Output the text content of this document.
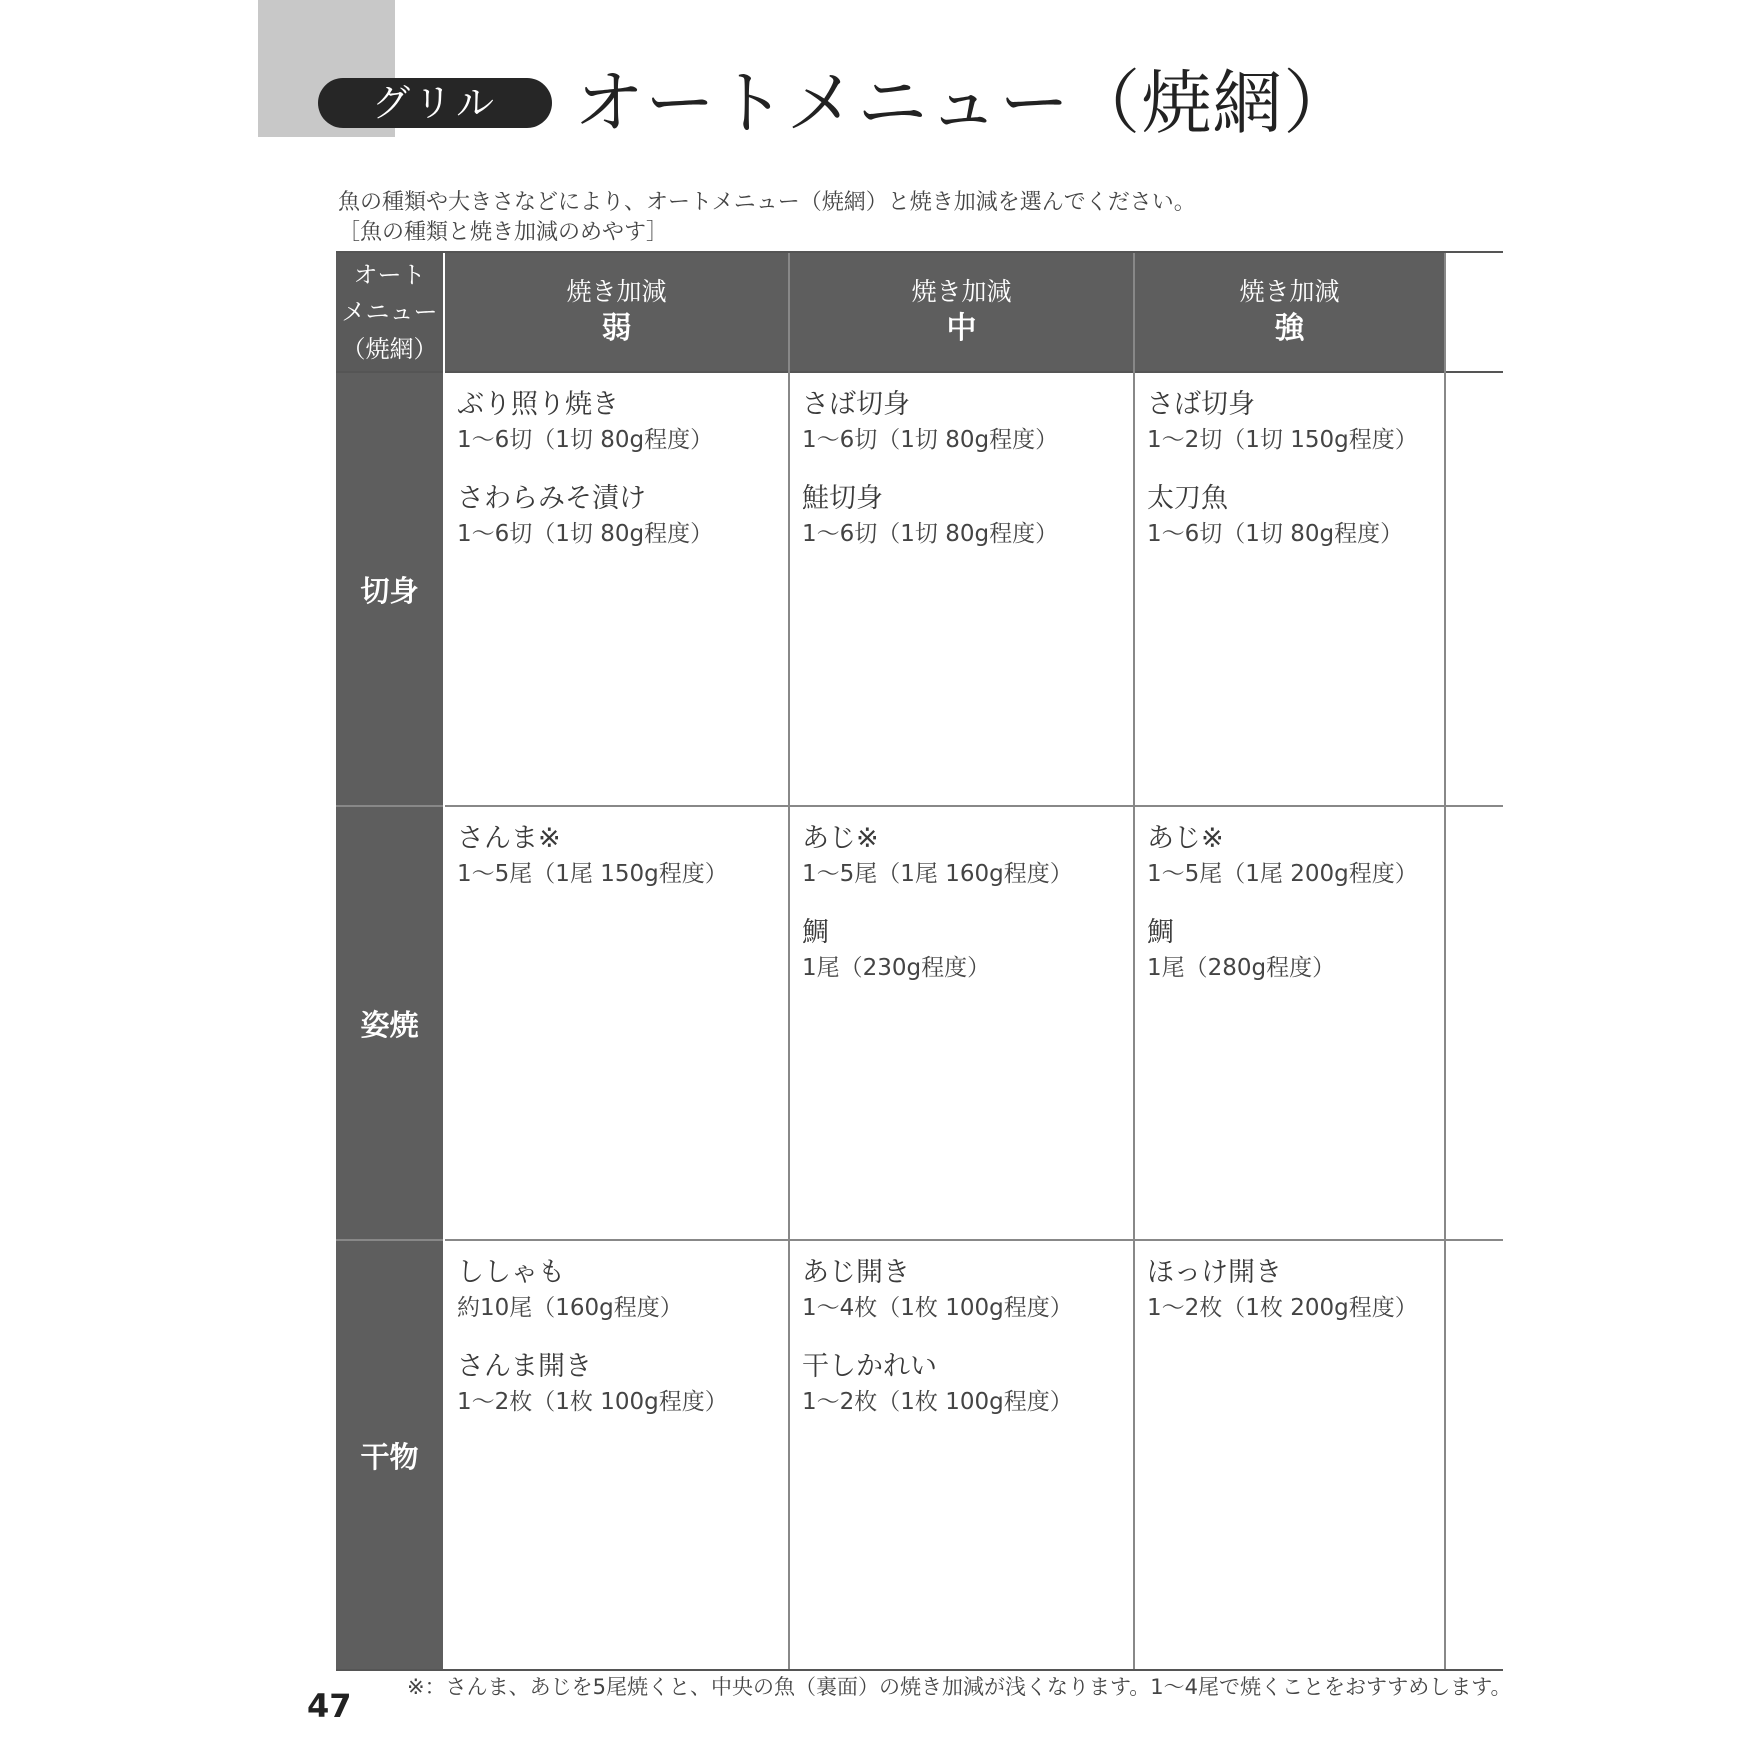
グリル	オートメニュー（焼網）
魚の種類や大きさなどにより、オートメニュー（焼網）と焼き加減を選んでください。
［魚の種類と焼き加減のめやす］
オート
メニュー
（焼網）
焼き加減
弱
焼き加減
中
焼き加減
強
切身
姿焼
干物
ぶり照り焼き
1～6切（1切 80g程度）
さわらみそ漬け
1～6切（1切 80g程度）
さば切身
1～6切（1切 80g程度）
鮭切身
1～6切（1切 80g程度）
さば切身
1～2切（1切 150g程度）
太刀魚
1～6切（1切 80g程度）
さんま※
1～5尾（1尾 150g程度）
あじ※
1～5尾（1尾 160g程度）
鯛
1尾（230g程度）
あじ※
1～5尾（1尾 200g程度）
鯛
1尾（280g程度）
ししゃも
約10尾（160g程度）
さんま開き
1～2枚（1枚 100g程度）
あじ開き
1～4枚（1枚 100g程度）
干しかれい
1～2枚（1枚 100g程度）
ほっけ開き
1～2枚（1枚 200g程度）
※：さんま、あじを5尾焼くと、中央の魚（裏面）の焼き加減が浅くなります。1～4尾で焼くことをおすすめします。
47
